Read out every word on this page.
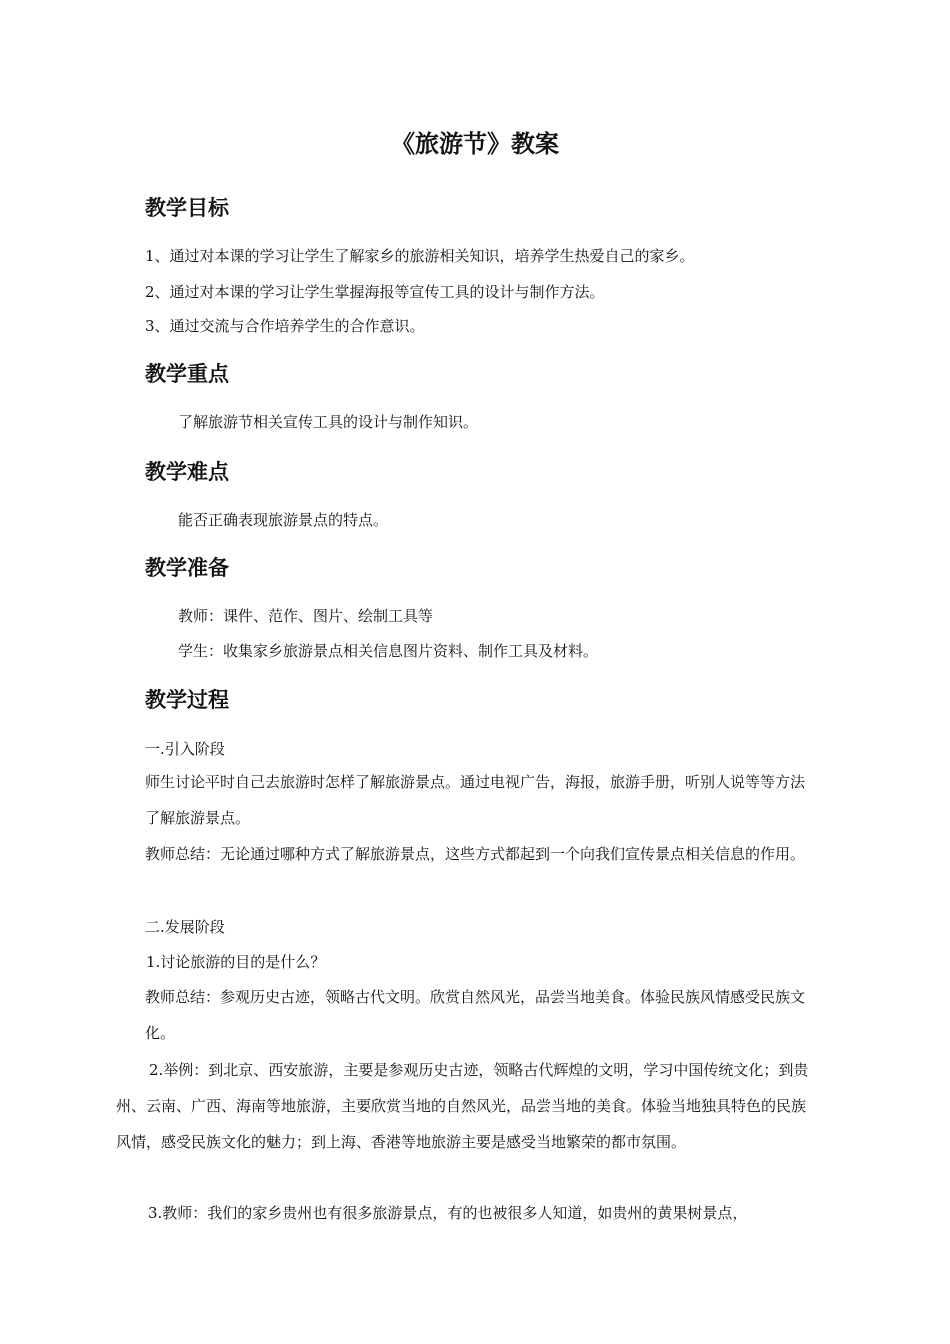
《旅游节》教案
教学目标
1、通过对本课的学习让学生了解家乡的旅游相关知识，培养学生热爱自己的家乡。
2、通过对本课的学习让学生掌握海报等宣传工具的设计与制作方法。
3、通过交流与合作培养学生的合作意识。
教学重点
了解旅游节相关宣传工具的设计与制作知识。
教学难点
能否正确表现旅游景点的特点。
教学准备
教师：课件、范作、图片、绘制工具等
学生：收集家乡旅游景点相关信息图片资料、制作工具及材料。
教学过程
一.引入阶段
师生讨论平时自己去旅游时怎样了解旅游景点。通过电视广告，海报，旅游手册，听别人说等等方法了解旅游景点。
教师总结：无论通过哪种方式了解旅游景点，这些方式都起到一个向我们宣传景点相关信息的作用。
二.发展阶段
1.讨论旅游的目的是什么？
教师总结：参观历史古迹，领略古代文明。欣赏自然风光，品尝当地美食。体验民族风情感受民族文化。
2.举例：到北京、西安旅游，主要是参观历史古迹，领略古代辉煌的文明，学习中国传统文化；到贵州、云南、广西、海南等地旅游，主要欣赏当地的自然风光，品尝当地的美食。体验当地独具特色的民族风情，感受民族文化的魅力；到上海、香港等地旅游主要是感受当地繁荣的都市氛围。
3.教师：我们的家乡贵州也有很多旅游景点，有的也被很多人知道，如贵州的黄果树景点，
